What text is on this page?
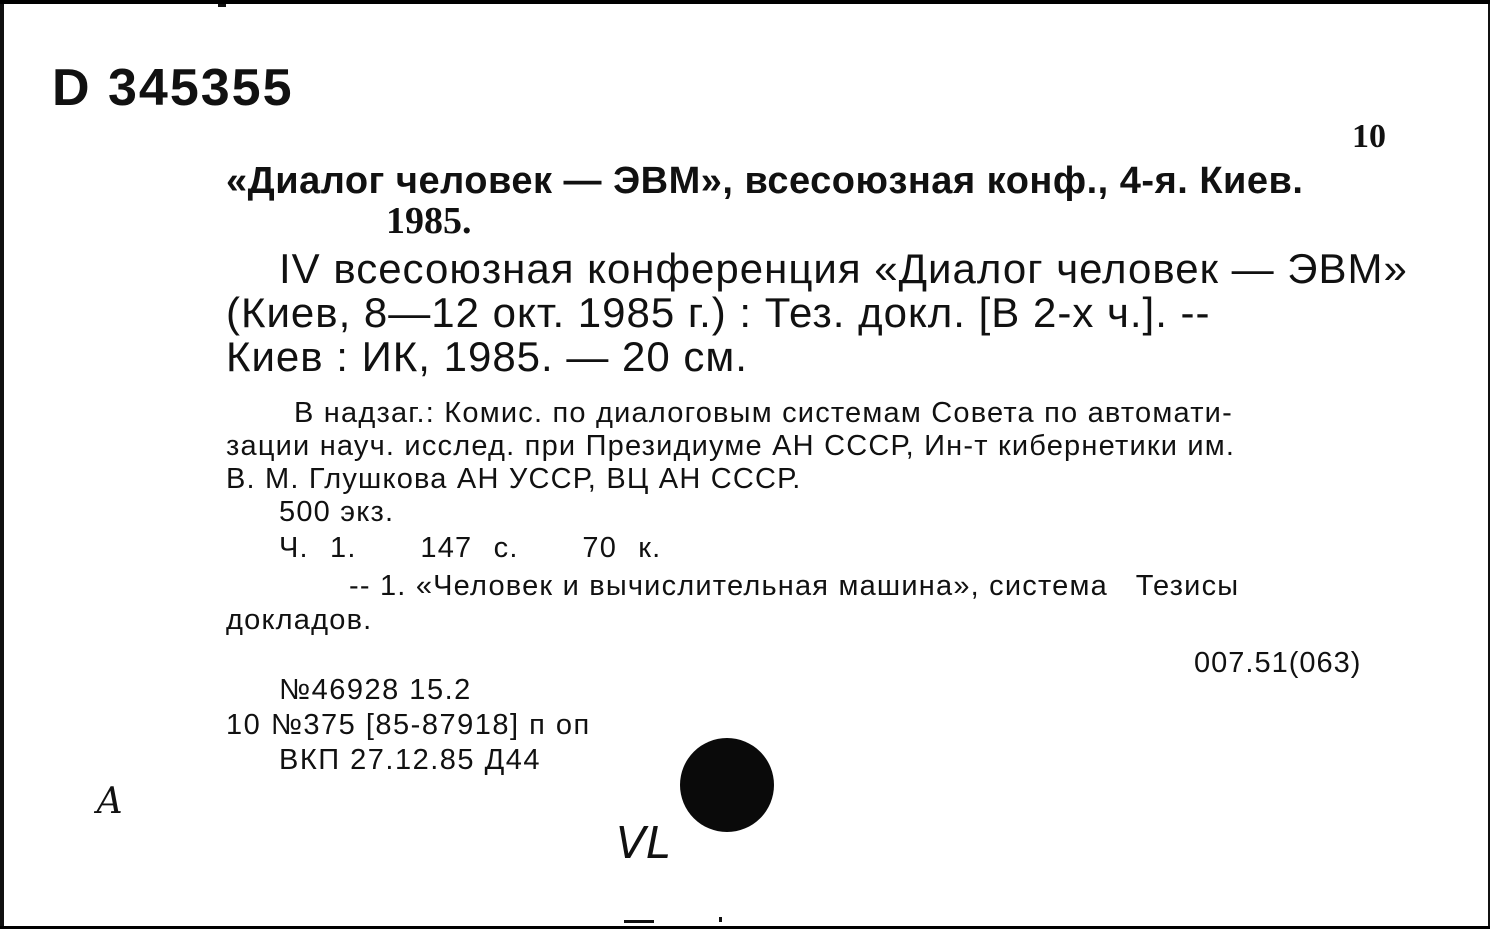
D 345355
10
«Диалог человек — ЭВМ», всесоюзная конф., 4-я. Киев.
1985.
IV всесоюзная конференция «Диалог человек — ЭВМ»
(Киев, 8—12 окт. 1985 г.) : Тез. докл. [В 2-х ч.]. --
Киев : ИК, 1985. — 20 см.
В надзаг.: Комис. по диалоговым системам Совета по автомати-
зации науч. исслед. при Президиуме АН СССР, Ин-т кибернетики им.
В. М. Глушкова АН УССР, ВЦ АН СССР.
500 экз.
Ч. 1.   147 с.   70 к.
-- 1. «Человек и вычислительная машина», система   Тезисы
докладов.
007.51(063)
№46928 15.2
10 №375 [85-87918] п оп
ВКП 27.12.85 Д44
А
VL
